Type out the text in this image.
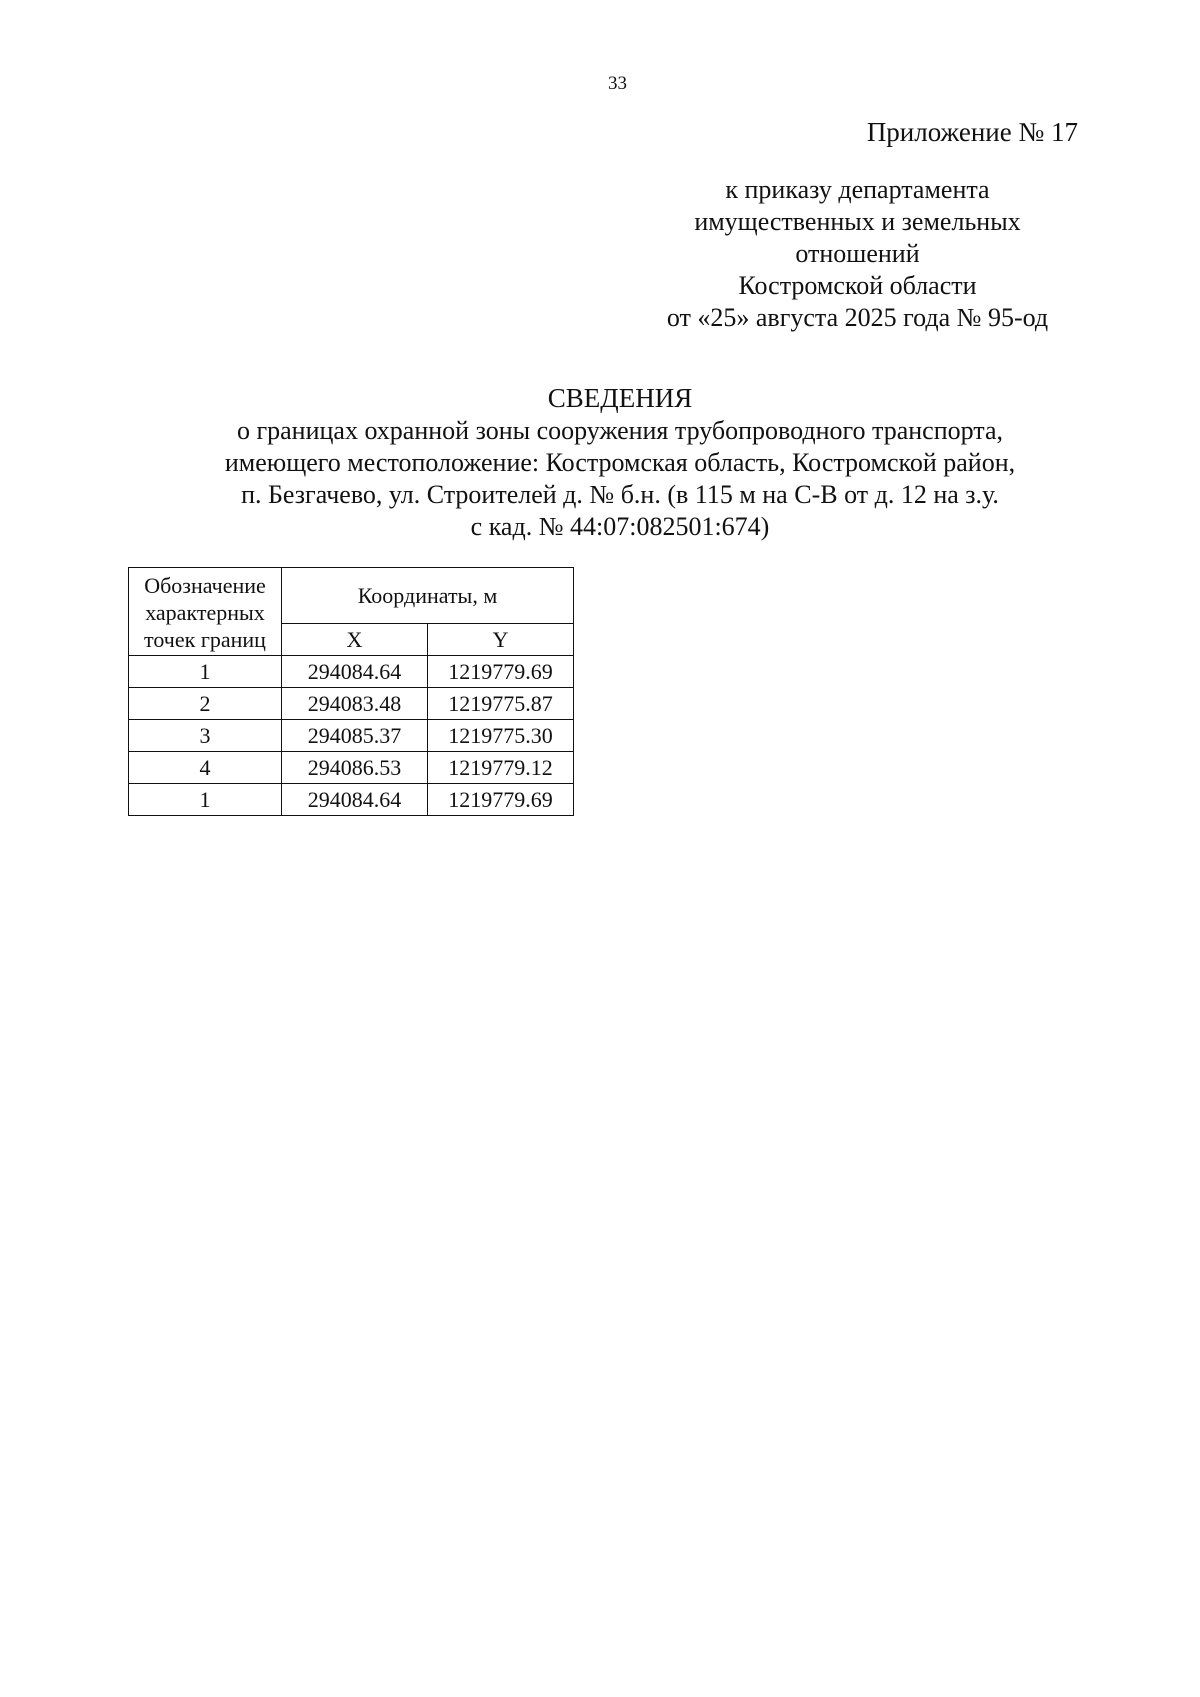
33
Приложение № 17
к приказу департамента
имущественных и земельных
отношений
Костромской области
от «25» августа 2025 года № 95-од
СВЕДЕНИЯ
о границах охранной зоны сооружения трубопроводного транспорта,
имеющего местоположение: Костромская область, Костромской район,
п. Безгачево, ул. Строителей д. № б.н. (в 115 м на С-В от д. 12 на з.у.
с кад. № 44:07:082501:674)
Обозначение характерных точек границ	Координаты, м	
	X	Y
1	294084.64	1219779.69
2	294083.48	1219775.87
3	294085.37	1219775.30
4	294086.53	1219779.12
1	294084.64	1219779.69
